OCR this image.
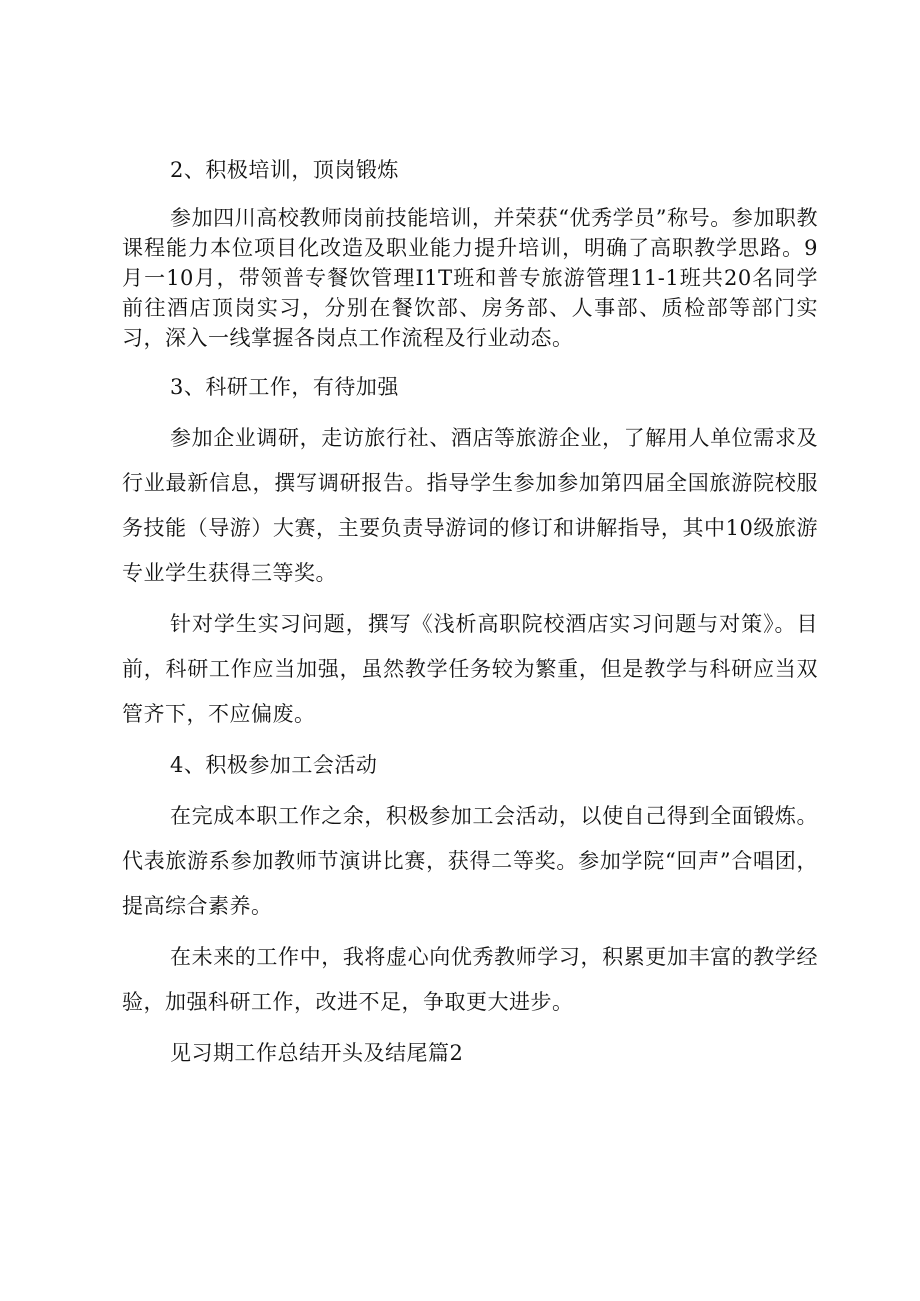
2、积极培训，顶岗锻炼

参加四川高校教师岗前技能培训，并荣获“优秀学员”称号。参加职教课程能力本位项目化改造及职业能力提升培训，明确了高职教学思路。9月一10月，带领普专餐饮管理I1T班和普专旅游管理11-1班共20名同学前往酒店顶岗实习，分别在餐饮部、房务部、人事部、质检部等部门实习，深入一线掌握各岗点工作流程及行业动态。

3、科研工作，有待加强

参加企业调研，走访旅行社、酒店等旅游企业，了解用人单位需求及行业最新信息，撰写调研报告。指导学生参加参加第四届全国旅游院校服务技能（导游）大赛，主要负责导游词的修订和讲解指导，其中10级旅游专业学生获得三等奖。

针对学生实习问题，撰写《浅析高职院校酒店实习问题与对策》。目前，科研工作应当加强，虽然教学任务较为繁重，但是教学与科研应当双管齐下，不应偏废。

4、积极参加工会活动

在完成本职工作之余，积极参加工会活动，以使自己得到全面锻炼。代表旅游系参加教师节演讲比赛，获得二等奖。参加学院“回声”合唱团，提高综合素养。

在未来的工作中，我将虚心向优秀教师学习，积累更加丰富的教学经验，加强科研工作，改进不足，争取更大进步。

见习期工作总结开头及结尾篇2
